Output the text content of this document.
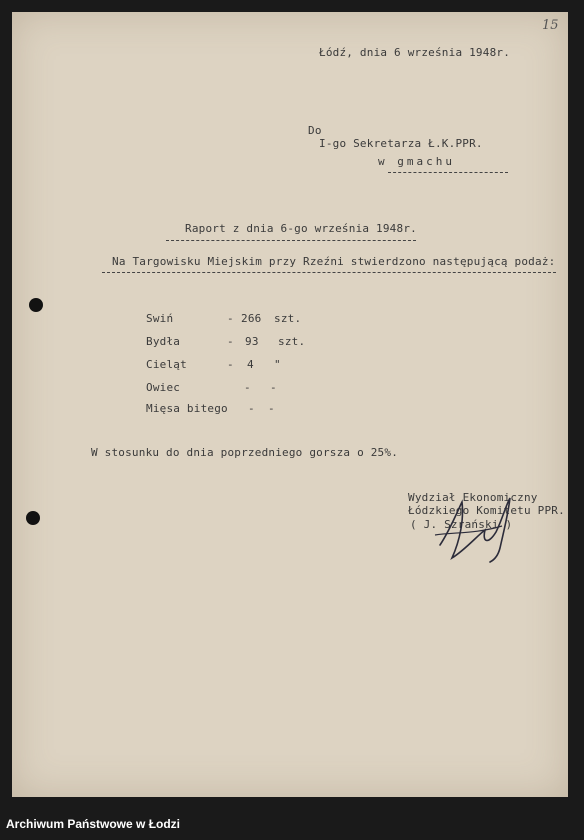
15
Łódź, dnia 6 września 1948r.
Do
I-go Sekretarza Ł.K.PPR.
w gmachu
Raport z dnia 6-go września 1948r.
Na Targowisku Miejskim przy Rzeźni stwierdzono następującą podaż:
Swiń	- 266 szt.
Bydła	- 93 szt.
Cieląt	- 4 "
Owiec	- -
Mięsa bitego - -
W stosunku do dnia poprzedniego gorsza o 25%.
Wydział Ekonomiczny
Łódzkiego Komitetu PPR.
( J. Szrański )
Archiwum Państwowe w Łodzi
